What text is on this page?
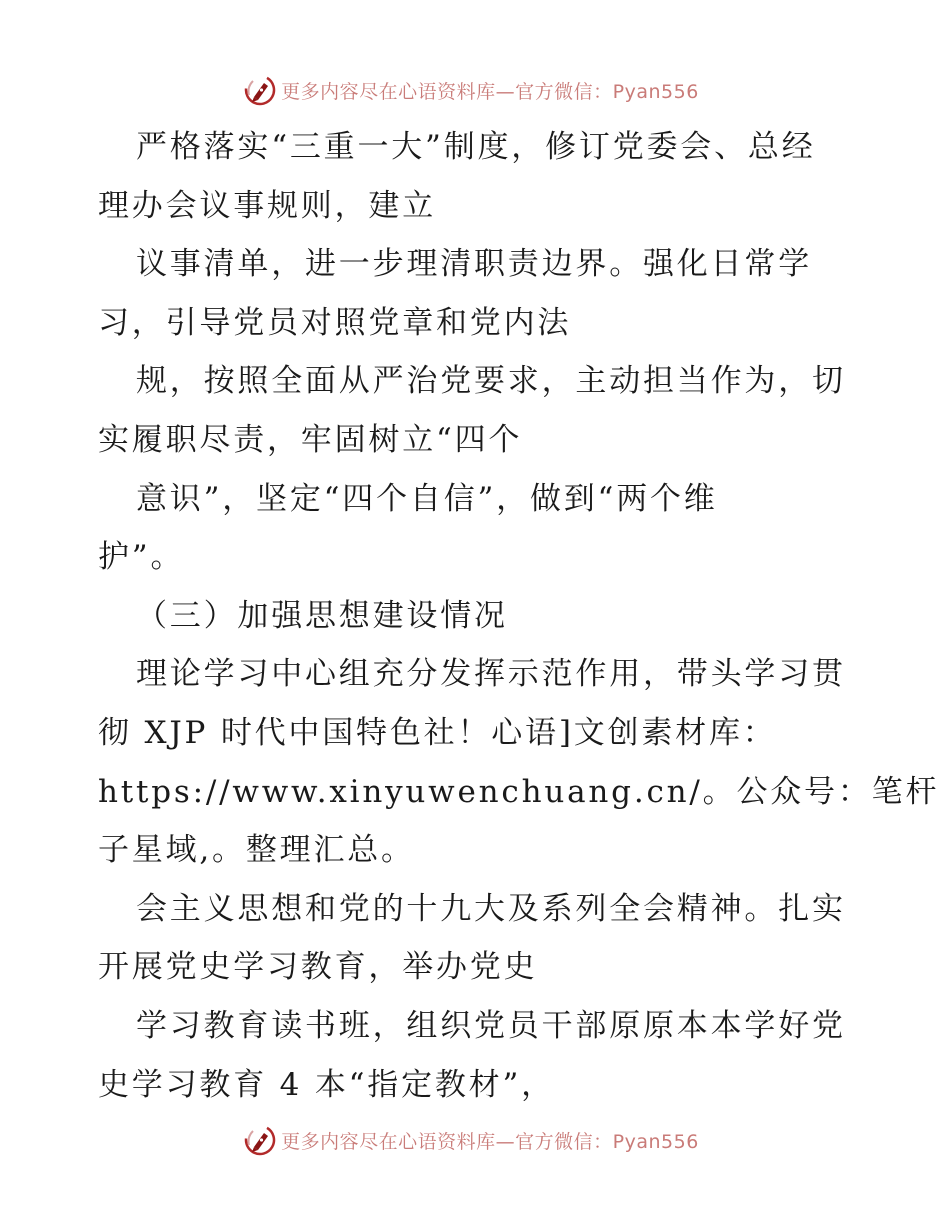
更多内容尽在心语资料库—官方微信：Pyan556
严格落实“三重一大”制度，修订党委会、总经
理办会议事规则，建立
议事清单，进一步理清职责边界。强化日常学
习，引导党员对照党章和党内法
规，按照全面从严治党要求，主动担当作为，切
实履职尽责，牢固树立“四个
意识”，坚定“四个自信”，做到“两个维
护”。
（三）加强思想建设情况
理论学习中心组充分发挥示范作用，带头学习贯
彻 XJP 时代中国特色社！心语]文创素材库：
https://www.xinyuwenchuang.cn/。公众号：笔杆
子星域,。整理汇总。
会主义思想和党的十九大及系列全会精神。扎实
开展党史学习教育，举办党史
学习教育读书班，组织党员干部原原本本学好党
史学习教育 4 本“指定教材”，
更多内容尽在心语资料库—官方微信：Pyan556
